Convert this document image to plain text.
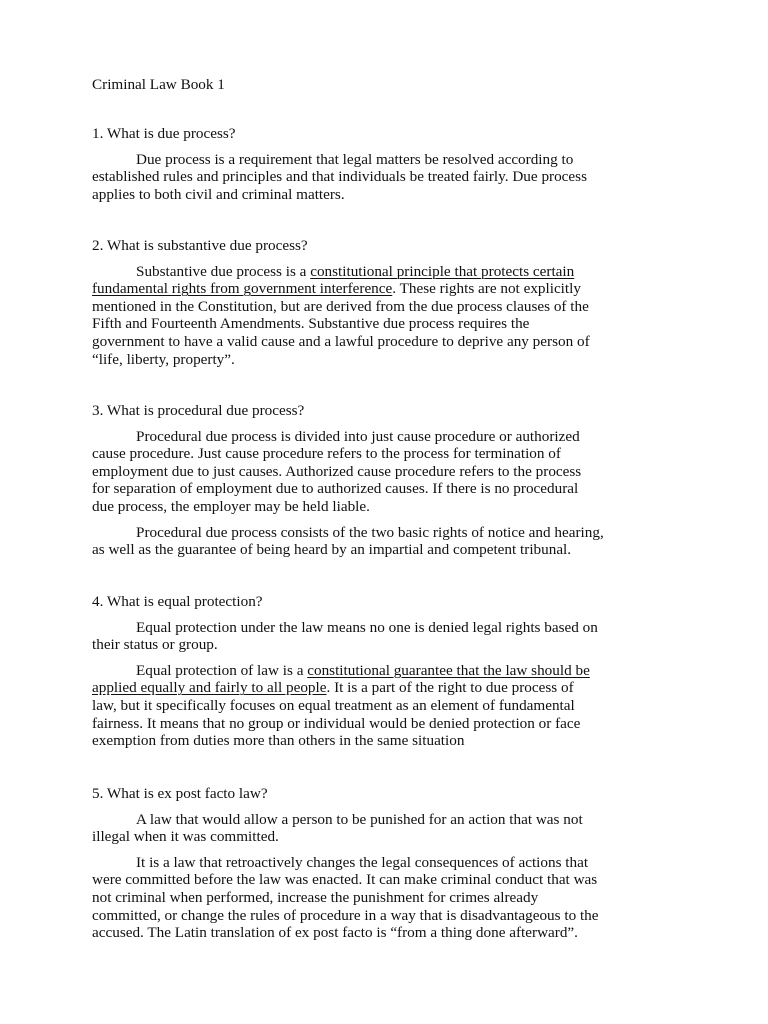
Criminal Law Book 1

1. What is due process?

Due process is a requirement that legal matters be resolved according to
established rules and principles and that individuals be treated fairly. Due process
applies to both civil and criminal matters.

2. What is substantive due process?

Substantive due process is a constitutional principle that protects certain
fundamental rights from government interference. These rights are not explicitly
mentioned in the Constitution, but are derived from the due process clauses of the
Fifth and Fourteenth Amendments. Substantive due process requires the
government to have a valid cause and a lawful procedure to deprive any person of
“life, liberty, property”.

3. What is procedural due process?

Procedural due process is divided into just cause procedure or authorized
cause procedure. Just cause procedure refers to the process for termination of
employment due to just causes. Authorized cause procedure refers to the process
for separation of employment due to authorized causes. If there is no procedural
due process, the employer may be held liable.

Procedural due process consists of the two basic rights of notice and hearing,
as well as the guarantee of being heard by an impartial and competent tribunal.

4. What is equal protection?

Equal protection under the law means no one is denied legal rights based on
their status or group.

Equal protection of law is a constitutional guarantee that the law should be
applied equally and fairly to all people. It is a part of the right to due process of
law, but it specifically focuses on equal treatment as an element of fundamental
fairness. It means that no group or individual would be denied protection or face
exemption from duties more than others in the same situation

5. What is ex post facto law?

A law that would allow a person to be punished for an action that was not
illegal when it was committed.

It is a law that retroactively changes the legal consequences of actions that
were committed before the law was enacted. It can make criminal conduct that was
not criminal when performed, increase the punishment for crimes already
committed, or change the rules of procedure in a way that is disadvantageous to the
accused. The Latin translation of ex post facto is “from a thing done afterward”.
